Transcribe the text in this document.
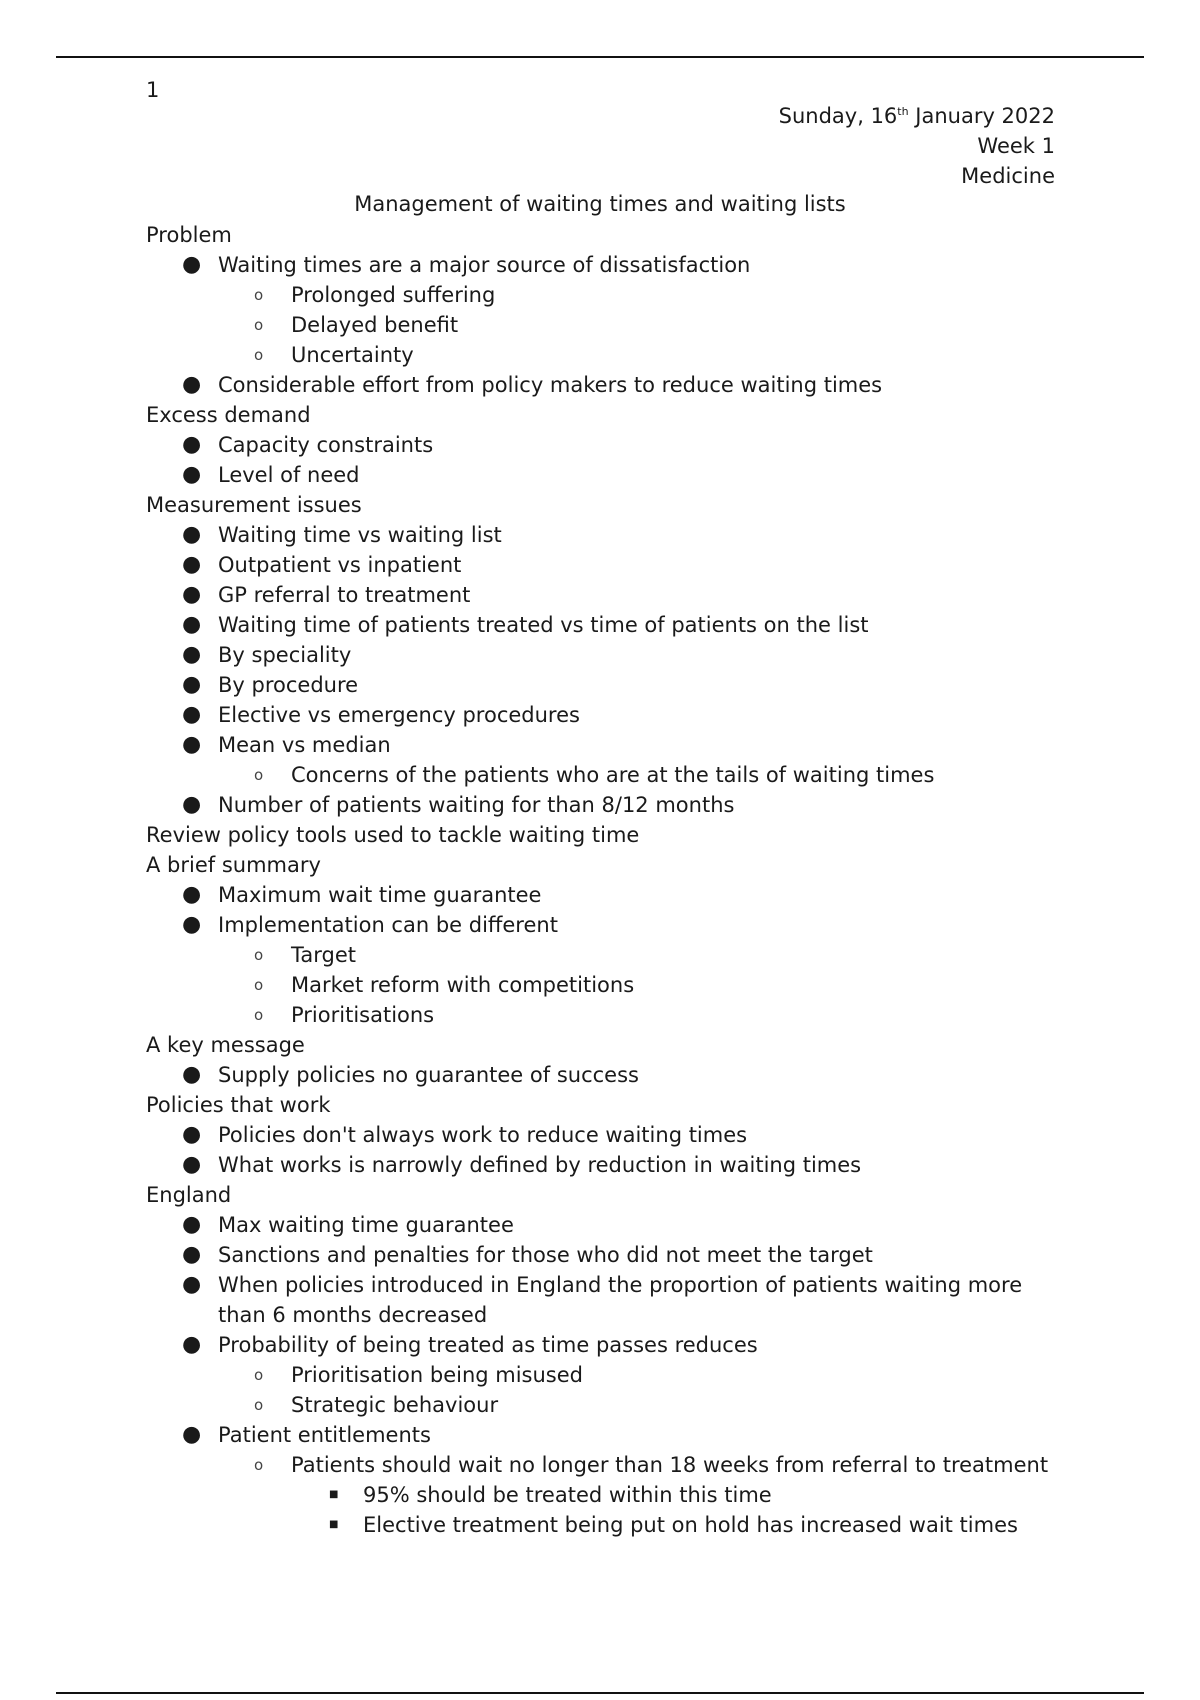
1
Sunday, 16th January 2022
Week 1
Medicine
Management of waiting times and waiting lists
Problem
● Waiting times are a major source of dissatisfaction
o Prolonged suffering
o Delayed benefit
o Uncertainty
● Considerable effort from policy makers to reduce waiting times
Excess demand
● Capacity constraints
● Level of need
Measurement issues
● Waiting time vs waiting list
● Outpatient vs inpatient
● GP referral to treatment
● Waiting time of patients treated vs time of patients on the list
● By speciality
● By procedure
● Elective vs emergency procedures
● Mean vs median
o Concerns of the patients who are at the tails of waiting times
● Number of patients waiting for than 8/12 months
Review policy tools used to tackle waiting time
A brief summary
● Maximum wait time guarantee
● Implementation can be different
o Target
o Market reform with competitions
o Prioritisations
A key message
● Supply policies no guarantee of success
Policies that work
● Policies don't always work to reduce waiting times
● What works is narrowly defined by reduction in waiting times
England
● Max waiting time guarantee
● Sanctions and penalties for those who did not meet the target
● When policies introduced in England the proportion of patients waiting more than 6 months decreased
● Probability of being treated as time passes reduces
o Prioritisation being misused
o Strategic behaviour
● Patient entitlements
o Patients should wait no longer than 18 weeks from referral to treatment
■ 95% should be treated within this time
■ Elective treatment being put on hold has increased wait times
